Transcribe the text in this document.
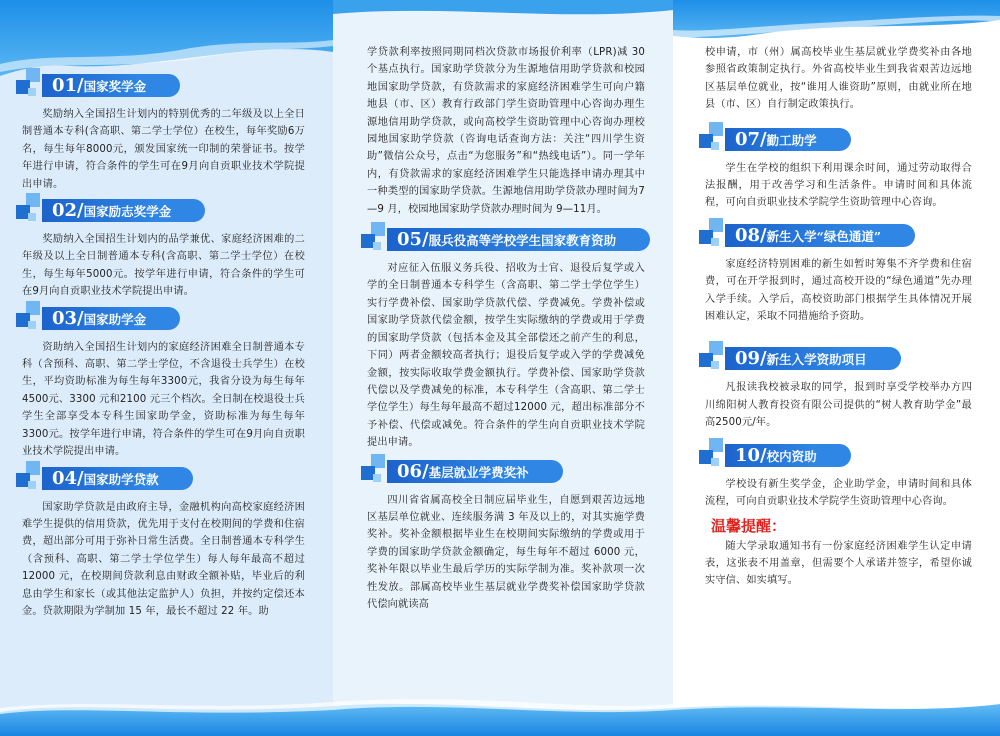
01/ 国家奖学金

奖励纳入全国招生计划内的特别优秀的二年级及以上全日制普通本专科(含高职、第二学士学位）在校生，每年奖励6万名，每生每年8000元，颁发国家统一印制的荣誉证书。按学年进行申请，符合条件的学生可在9月向自贡职业技术学院提出申请。

02/ 国家励志奖学金

奖励纳入全国招生计划内的品学兼优、家庭经济困难的二年级及以上全日制普通本专科(含高职、第二学士学位）在校生，每生每年5000元。按学年进行申请，符合条件的学生可在9月向自贡职业技术学院提出申请。

03/ 国家助学金

资助纳入全国招生计划内的家庭经济困难全日制普通本专科（含预科、高职、第二学士学位，不含退役士兵学生）在校生，平均资助标准为每生每年3300元，我省分设为每生每年4500元、3300 元和2100 元三个档次。全日制在校退役士兵学生全部享受本专科生国家助学金，资助标准为每生每年 3300元。按学年进行申请，符合条件的学生可在9月向自贡职业技术学院提出申请。

04/ 国家助学贷款

国家助学贷款是由政府主导，金融机构向高校家庭经济困难学生提供的信用贷款，优先用于支付在校期间的学费和住宿费，超出部分可用于弥补日常生活费。全日制普通本专科学生（含预科、高职、第二学士学位学生）每人每年最高不超过 12000 元，在校期间贷款利息由财政全额补贴，毕业后的利息由学生和家长（或其他法定监护人）负担，并按约定偿还本金。贷款期限为学制加 15 年，最长不超过 22 年。助

学贷款利率按照同期同档次贷款市场报价利率（LPR)减 30 个基点执行。国家助学贷款分为生源地信用助学贷款和校园地国家助学贷款，有贷款需求的家庭经济困难学生可向户籍地县（市、区）教育行政部门学生资助管理中心咨询办理生源地信用助学贷款，或向高校学生资助管理中心咨询办理校园地国家助学贷款（咨询电话查询方法：关注“四川学生资助”微信公众号，点击“为您服务”和“热线电话”）。同一学年内，有贷款需求的家庭经济困难学生只能选择申请办理其中一种类型的国家助学贷款。生源地信用助学贷款办理时间为7—9 月，校园地国家助学贷款办理时间为 9—11月。

05/ 服兵役高等学校学生国家教育资助

对应征入伍服义务兵役、招收为士官、退役后复学或入学的全日制普通本专科学生（含高职、第二学士学位学生）实行学费补偿、国家助学贷款代偿、学费减免。学费补偿或国家助学贷款代偿金额，按学生实际缴纳的学费或用于学费的国家助学贷款（包括本金及其全部偿还之前产生的利息，下同）两者金额较高者执行；退役后复学或入学的学费减免金额，按实际收取学费金额执行。学费补偿、国家助学贷款代偿以及学费减免的标准，本专科学生（含高职、第二学士学位学生）每生每年最高不超过12000 元，超出标准部分不予补偿、代偿或减免。符合条件的学生向自贡职业技术学院提出申请。

06/ 基层就业学费奖补

四川省省属高校全日制应届毕业生，自愿到艰苦边远地区基层单位就业、连续服务满 3 年及以上的，对其实施学费奖补。奖补金额根据毕业生在校期间实际缴纳的学费或用于学费的国家助学贷款金额确定，每生每年不超过 6000 元，奖补年限以毕业生最后学历的实际学制为准。奖补款项一次性发放。部属高校毕业生基层就业学费奖补偿国家助学贷款代偿向就读高

校申请，市（州）属高校毕业生基层就业学费奖补由各地参照省政策制定执行。外省高校毕业生到我省艰苦边远地区基层单位就业，按“谁用人谁资助”原则，由就业所在地县（市、区）自行制定政策执行。

07/ 勤工助学

学生在学校的组织下利用课余时间，通过劳动取得合法报酬，用于改善学习和生活条件。申请时间和具体流程，可向自贡职业技术学院学生资助管理中心咨询。

08/ 新生入学“绿色通道”

家庭经济特别困难的新生如暂时筹集不齐学费和住宿费，可在开学报到时，通过高校开设的“绿色通道”先办理入学手续。入学后，高校资助部门根据学生具体情况开展困难认定，采取不同措施给予资助。

09/ 新生入学资助项目

凡报读我校被录取的同学，报到时享受学校举办方四川绵阳树人教育投资有限公司提供的“树人教育助学金”最高2500元/年。

10/ 校内资助

学校设有新生奖学金，企业助学金，申请时间和具体流程，可向自贡职业技术学院学生资助管理中心咨询。

温馨提醒：

随大学录取通知书有一份家庭经济困难学生认定申请表，这张表不用盖章，但需要个人承诺并签字，希望你诚实守信、如实填写。
